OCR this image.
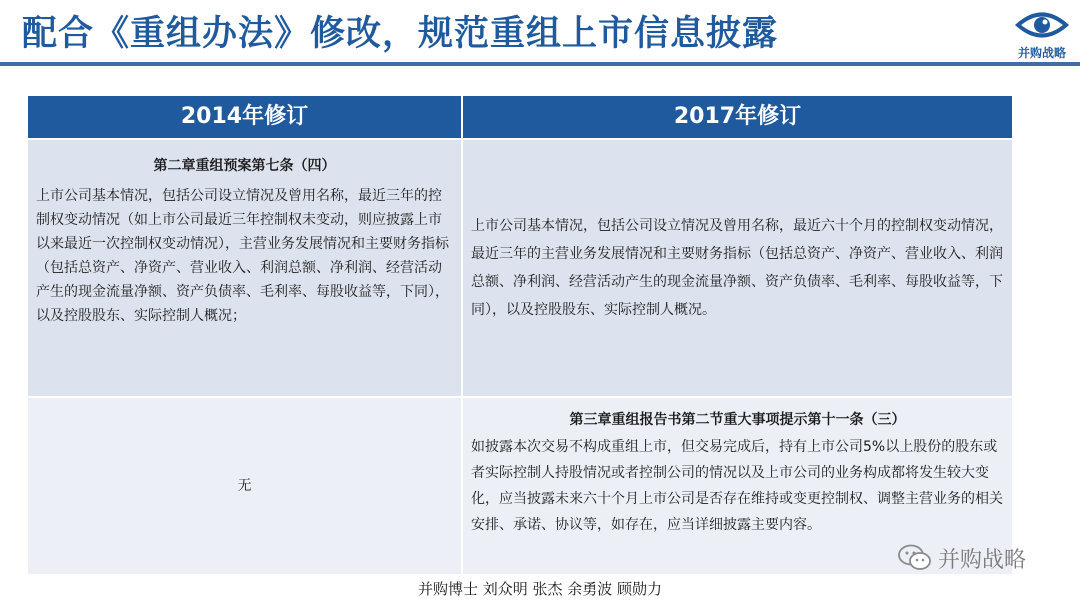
配合《重组办法》修改，规范重组上市信息披露	并购战略
2014年修订	2017年修订
第二章重组预案第七条（四）
上市公司基本情况，包括公司设立情况及曾用名称，最近三年的控制权变动情况（如上市公司最近三年控制权未变动，则应披露上市以来最近一次控制权变动情况），主营业务发展情况和主要财务指标（包括总资产、净资产、营业收入、利润总额、净利润、经营活动产生的现金流量净额、资产负债率、毛利率、每股收益等，下同），以及控股股东、实际控制人概况；
上市公司基本情况，包括公司设立情况及曾用名称，最近六十个月的控制权变动情况，最近三年的主营业务发展情况和主要财务指标（包括总资产、净资产、营业收入、利润总额、净利润、经营活动产生的现金流量净额、资产负债率、毛利率、每股收益等，下同），以及控股股东、实际控制人概况。
无
第三章重组报告书第二节重大事项提示第十一条（三）
如披露本次交易不构成重组上市，但交易完成后，持有上市公司5%以上股份的股东或者实际控制人持股情况或者控制公司的情况以及上市公司的业务构成都将发生较大变化，应当披露未来六十个月上市公司是否存在维持或变更控制权、调整主营业务的相关安排、承诺、协议等，如存在，应当详细披露主要内容。
并购战略
并购博士 刘众明 张杰 余勇波 顾勋力
